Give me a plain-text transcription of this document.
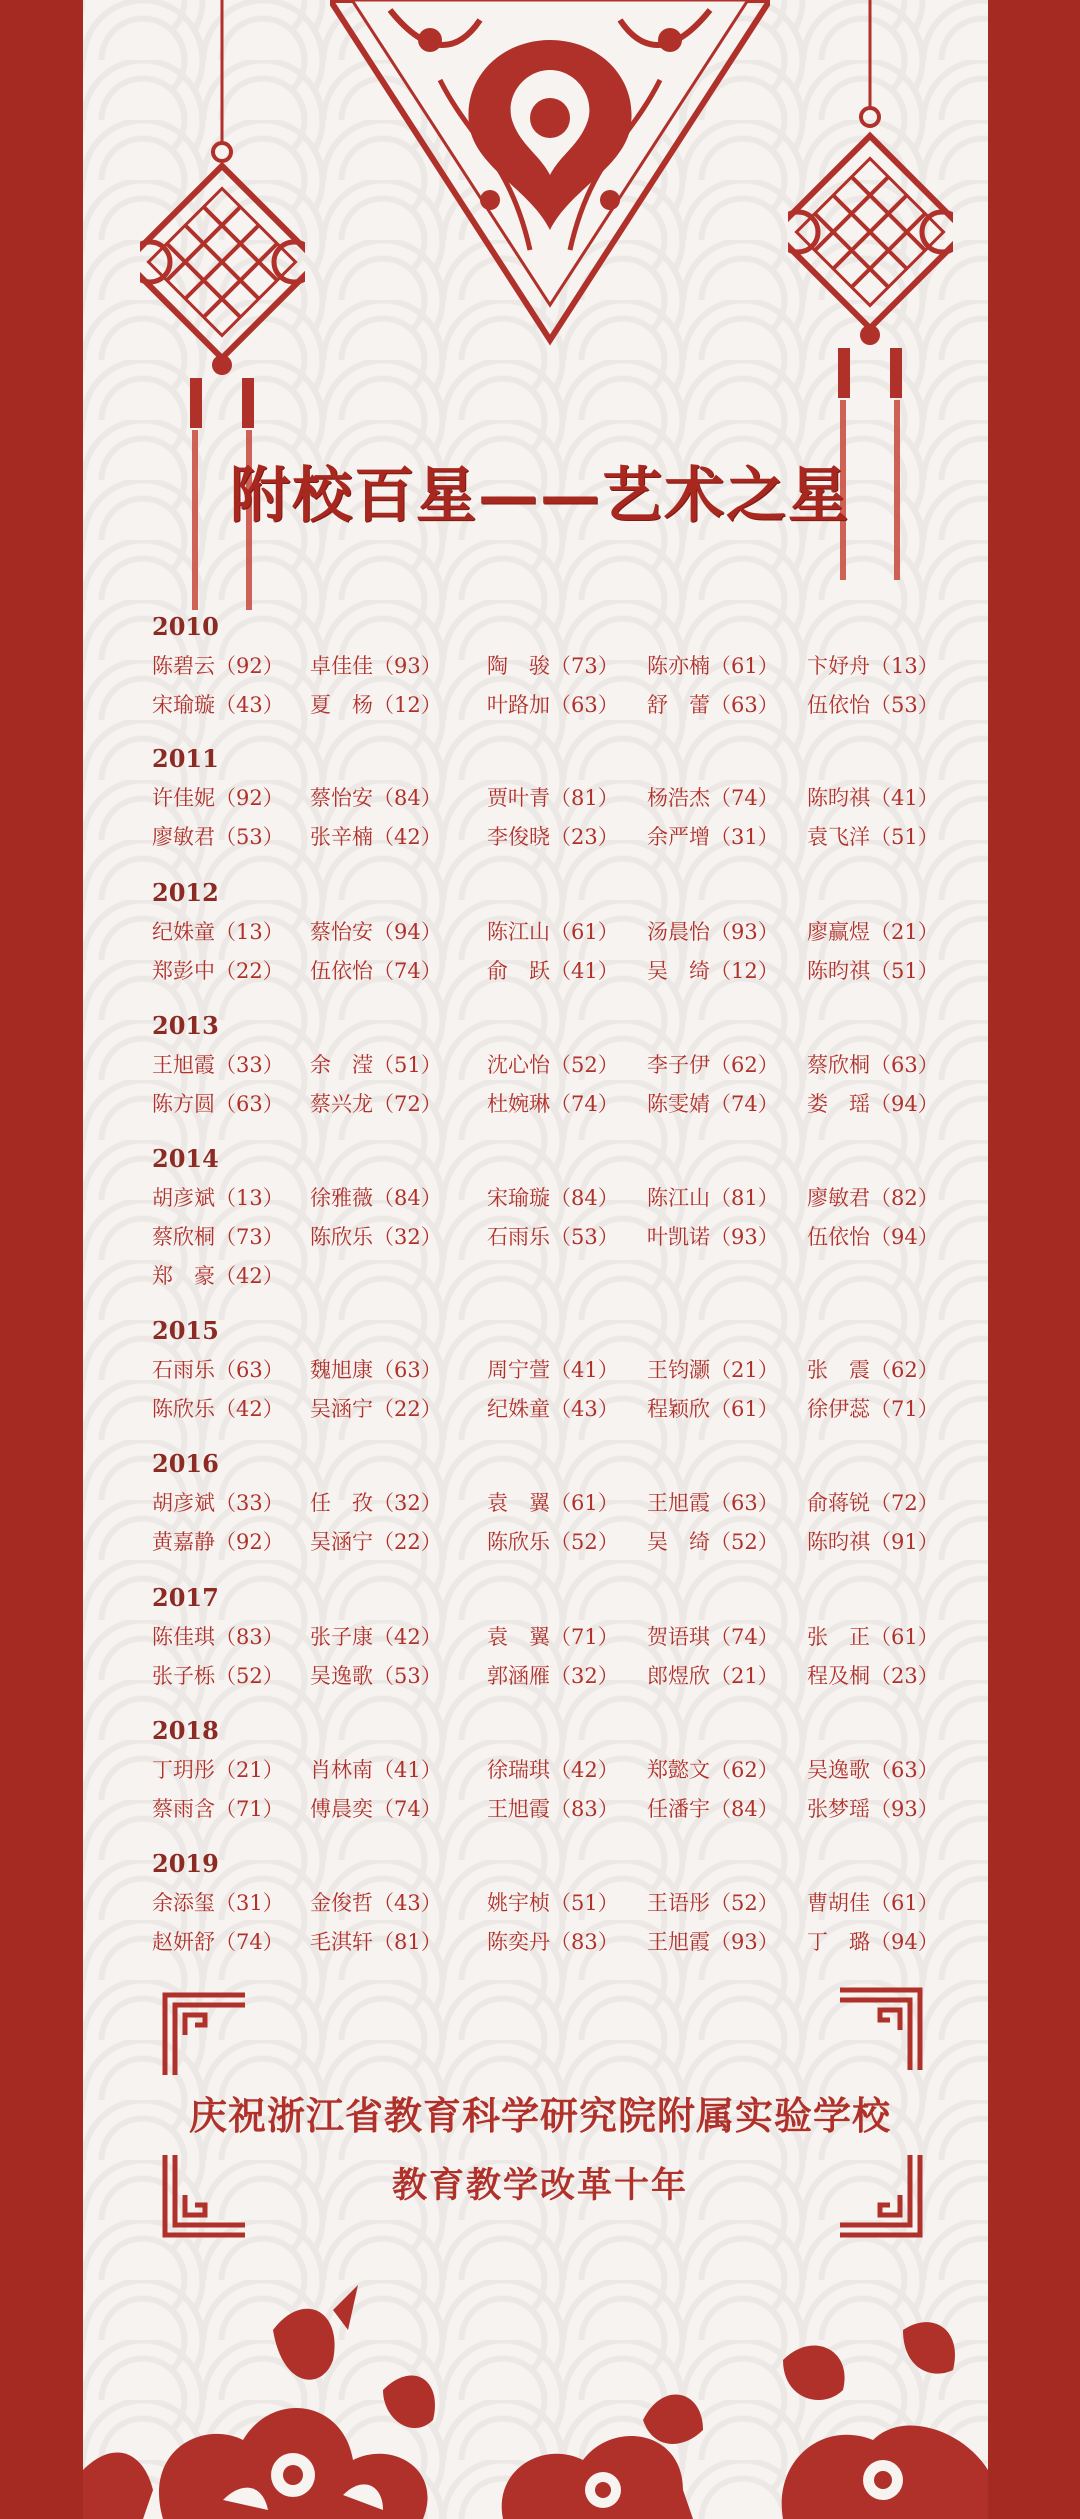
附校百星——艺术之星
2010
陈碧云（92） 卓佳佳（93） 陶　骏（73） 陈亦楠（61） 卞妤舟（13）
宋瑜璇（43） 夏　杨（12） 叶路加（63） 舒　蕾（63） 伍依怡（53）
2011
许佳妮（92） 蔡怡安（84） 贾叶青（81） 杨浩杰（74） 陈昀祺（41）
廖敏君（53） 张辛楠（42） 李俊晓（23） 余严增（31） 袁飞洋（51）
2012
纪姝童（13） 蔡怡安（94） 陈江山（61） 汤晨怡（93） 廖赢煜（21）
郑彭中（22） 伍依怡（74） 俞　跃（41） 吴　绮（12） 陈昀祺（51）
2013
王旭霞（33） 余　滢（51） 沈心怡（52） 李子伊（62） 蔡欣桐（63）
陈方圆（63） 蔡兴龙（72） 杜婉琳（74） 陈雯婧（74） 娄　瑶（94）
2014
胡彦斌（13） 徐雅薇（84） 宋瑜璇（84） 陈江山（81） 廖敏君（82）
蔡欣桐（73） 陈欣乐（32） 石雨乐（53） 叶凯诺（93） 伍依怡（94）
郑　豪（42）
2015
石雨乐（63） 魏旭康（63） 周宁萱（41） 王钧灏（21） 张　震（62）
陈欣乐（42） 吴涵宁（22） 纪姝童（43） 程颖欣（61） 徐伊蕊（71）
2016
胡彦斌（33） 任　孜（32） 袁　翼（61） 王旭霞（63） 俞蒋锐（72）
黄嘉静（92） 吴涵宁（22） 陈欣乐（52） 吴　绮（52） 陈昀祺（91）
2017
陈佳琪（83） 张子康（42） 袁　翼（71） 贺语琪（74） 张　正（61）
张子栎（52） 吴逸歌（53） 郭涵雁（32） 郎煜欣（21） 程及桐（23）
2018
丁玥彤（21） 肖林南（41） 徐瑞琪（42） 郑懿文（62） 吴逸歌（63）
蔡雨含（71） 傅晨奕（74） 王旭霞（83） 任潘宇（84） 张梦瑶（93）
2019
余添玺（31） 金俊哲（43） 姚宇桢（51） 王语彤（52） 曹胡佳（61）
赵妍舒（74） 毛淇轩（81） 陈奕丹（83） 王旭霞（93） 丁　璐（94）
庆祝浙江省教育科学研究院附属实验学校
教育教学改革十年
